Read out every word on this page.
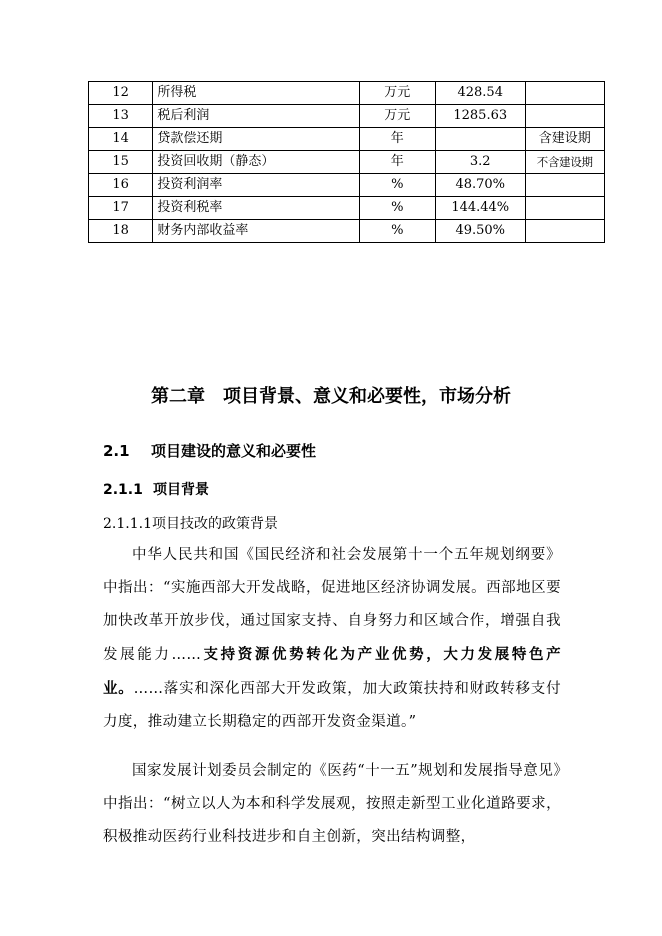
12	所得税	万元	428.54	
13	税后利润	万元	1285.63	
14	贷款偿还期	年		含建设期
15	投资回收期（静态）	年	3.2	不含建设期
16	投资利润率	%	48.70%	
17	投资利税率	%	144.44%	
18	财务内部收益率	%	49.50%	
第二章　项目背景、意义和必要性，市场分析
2.1 项目建设的意义和必要性
2.1.1 项目背景
2.1.1.1项目技改的政策背景
中华人民共和国《国民经济和社会发展第十一个五年规划纲要》中指出：“实施西部大开发战略，促进地区经济协调发展。西部地区要加快改革开放步伐，通过国家支持、自身努力和区域合作，增强自我发展能力……支持资源优势转化为产业优势，大力发展特色产业。……落实和深化西部大开发政策，加大政策扶持和财政转移支付力度，推动建立长期稳定的西部开发资金渠道。”
国家发展计划委员会制定的《医药“十一五”规划和发展指导意见》中指出：“树立以人为本和科学发展观，按照走新型工业化道路要求，积极推动医药行业科技进步和自主创新，突出结构调整，
